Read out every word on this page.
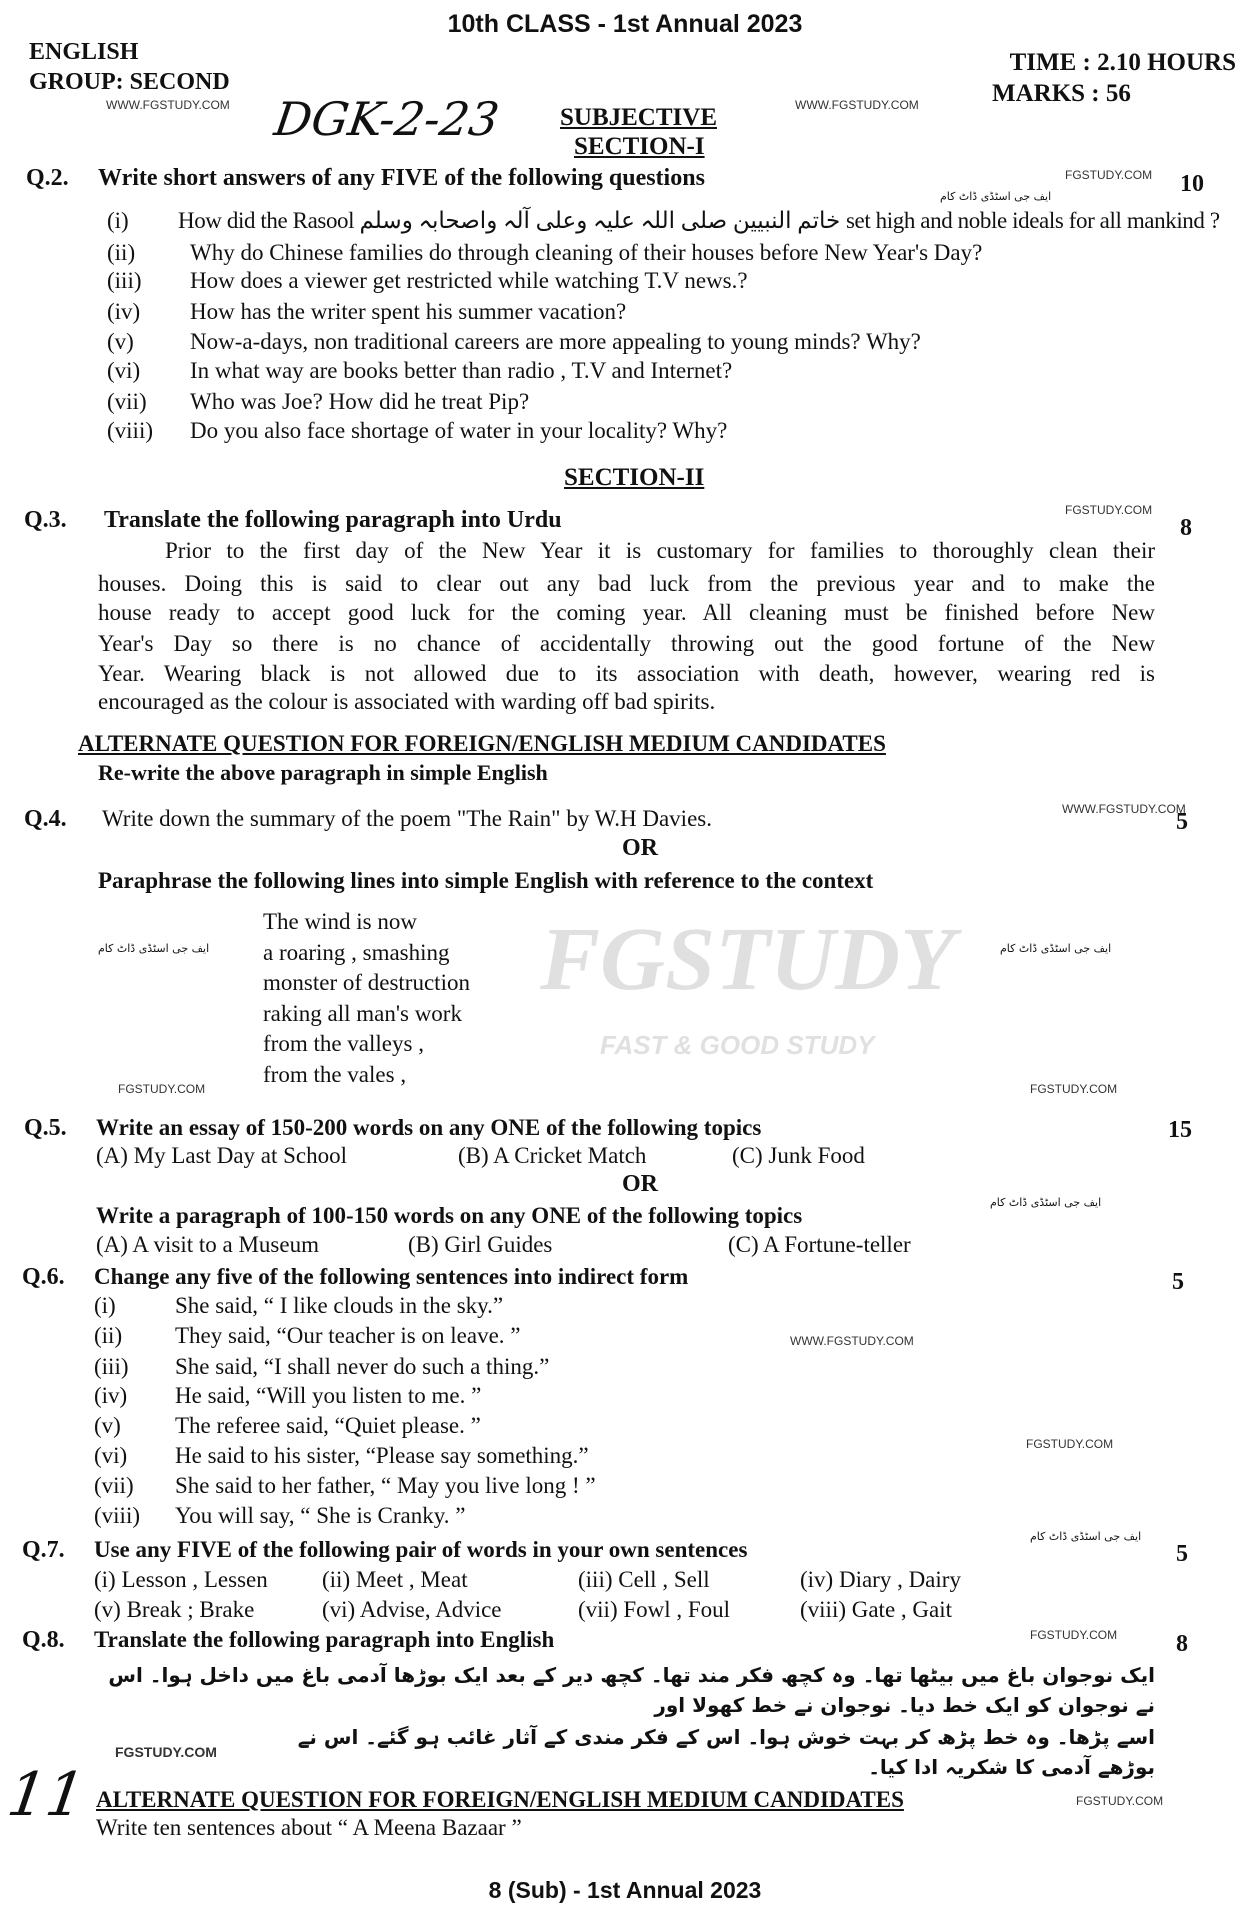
10th CLASS - 1st Annual 2023
ENGLISH
GROUP: SECOND
TIME : 2.10 HOURS
MARKS : 56
DGK-2-23 SUBJECTIVE
SECTION-I
WWW.FGSTUDY.COM	WWW.FGSTUDY.COM
FGSTUDY
FAST & GOOD STUDY
Q.2. Write short answers of any FIVE of the following questions	FGSTUDY.COM 10
ایف جی اسٹڈی ڈاٹ کام
(i) How did the Rasool خاتم النبیین صلی اللہ علیہ وعلی آلہ واصحابہ وسلم set high and noble ideals for all mankind ?
(ii) Why do Chinese families do through cleaning of their houses before New Year's Day?
(iii) How does a viewer get restricted while watching T.V news.?
(iv) How has the writer spent his summer vacation?
(v) Now-a-days, non traditional careers are more appealing to young minds? Why?
(vi) In what way are books better than radio , T.V and Internet?
(vii) Who was Joe? How did he treat Pip?
(viii) Do you also face shortage of water in your locality? Why?
SECTION-II
Q.3. Translate the following paragraph into Urdu	FGSTUDY.COM
8
Prior to the first day of the New Year it is customary for families to thoroughly clean their
houses. Doing this is said to clear out any bad luck from the previous year and to make the
house ready to accept good luck for the coming year. All cleaning must be finished before New
Year's Day so there is no chance of accidentally throwing out the good fortune of the New
Year. Wearing black is not allowed due to its association with death, however, wearing red is
encouraged as the colour is associated with warding off bad spirits.
ALTERNATE QUESTION FOR FOREIGN/ENGLISH MEDIUM CANDIDATES
Re-write the above paragraph in simple English
Q.4. Write down the summary of the poem "The Rain" by W.H Davies.	WWW.FGSTUDY.COM
5
OR
Paraphrase the following lines into simple English with reference to the context
ایف جی اسٹڈی ڈاٹ کام	ایف جی اسٹڈی ڈاٹ کام
FGSTUDY.COM	FGSTUDY.COM
The wind is now
a roaring , smashing
monster of destruction
raking all man's work
from the valleys ,
from the vales ,
Q.5. Write an essay of 150-200 words on any ONE of the following topics	15
(A) My Last Day at School	(B) A Cricket Match	(C) Junk Food
OR
Write a paragraph of 100-150 words on any ONE of the following topics
ایف جی اسٹڈی ڈاٹ کام
(A) A visit to a Museum	(B) Girl Guides	(C) A Fortune-teller
Q.6. Change any five of the following sentences into indirect form	5
WWW.FGSTUDY.COM
FGSTUDY.COM
(i)	She said, “ I like clouds in the sky.”
(ii) They said, “Our teacher is on leave. ”
(iii) She said, “I shall never do such a thing.”
(iv) He said, “Will you listen to me. ”
(v) The referee said, “Quiet please. ”
(vi) He said to his sister, “Please say something.”
(vii) She said to her father, “ May you live long ! ”
(viii) You will say, “ She is Cranky. ”
Q.7. Use any FIVE of the following pair of words in your own sentences
ایف جی اسٹڈی ڈاٹ کام
5
(i) Lesson , Lessen (ii) Meet , Meat	(iii) Cell , Sell	(iv) Diary , Dairy
(v) Break ; Brake	(vi) Advise, Advice	(vii) Fowl , Foul	(viii) Gate , Gait
Q.8. Translate the following paragraph into English	FGSTUDY.COM 8
ایک نوجوان باغ میں بیٹھا تھا۔ وہ کچھ فکر مند تھا۔ کچھ دیر کے بعد ایک بوڑھا آدمی باغ میں داخل ہوا۔ اس نے نوجوان کو ایک خط دیا۔ نوجوان نے خط کھولا اور
اسے پڑھا۔ وہ خط پڑھ کر بہت خوش ہوا۔ اس کے فکر مندی کے آثار غائب ہو گئے۔ اس نے بوڑھے آدمی کا شکریہ ادا کیا۔
FGSTUDY.COM
11 ALTERNATE QUESTION FOR FOREIGN/ENGLISH MEDIUM CANDIDATES	FGSTUDY.COM
Write ten sentences about “ A Meena Bazaar ”
8 (Sub) - 1st Annual 2023
